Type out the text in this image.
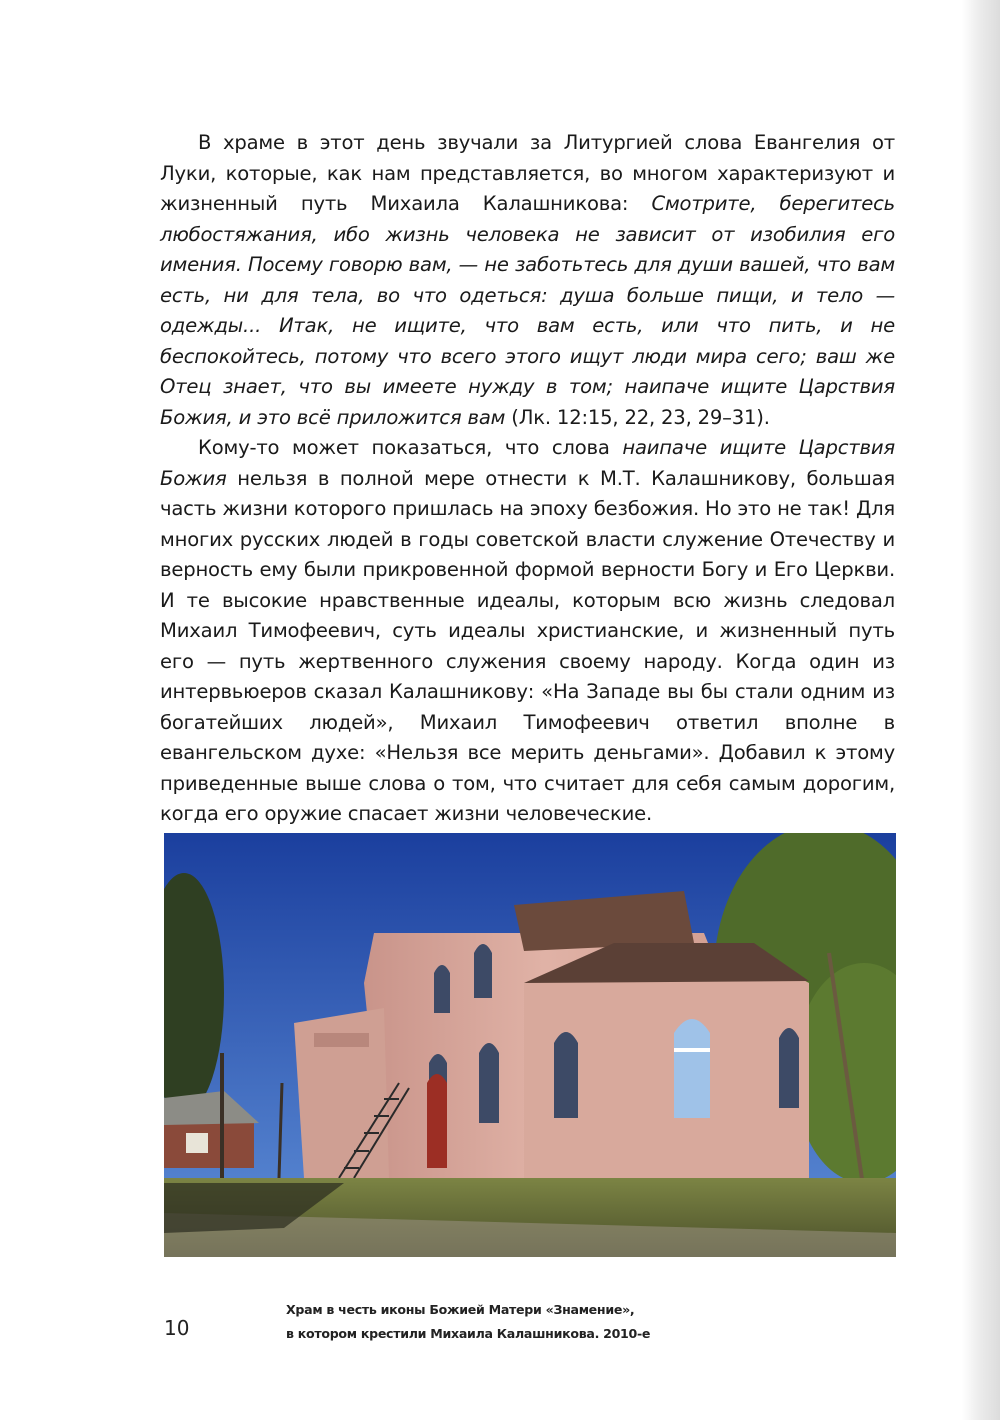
В храме в этот день звучали за Литургией слова Евангелия от Луки, которые, как нам представляется, во многом характеризуют и жизненный путь Михаила Калашникова: Смотрите, берегитесь любостяжания, ибо жизнь человека не зависит от изобилия его имения. Посему говорю вам, — не заботьтесь для души вашей, что вам есть, ни для тела, во что одеться: душа больше пищи, и тело — одежды... Итак, не ищите, что вам есть, или что пить, и не беспокойтесь, потому что всего этого ищут люди мира сего; ваш же Отец знает, что вы имеете нужду в том; наипаче ищите Царствия Божия, и это всё приложится вам (Лк. 12:15, 22, 23, 29–31).

Кому-то может показаться, что слова наипаче ищите Царствия Божия нельзя в полной мере отнести к М.Т. Калашникову, большая часть жизни которого пришлась на эпоху безбожия. Но это не так! Для многих русских людей в годы советской власти служение Отечеству и верность ему были прикровенной формой верности Богу и Его Церкви. И те высокие нравственные идеалы, которым всю жизнь следовал Михаил Тимофеевич, суть идеалы христианские, и жизненный путь его — путь жертвенного служения своему народу. Когда один из интервьюеров сказал Калашникову: «На Западе вы бы стали одним из богатейших людей», Михаил Тимофеевич ответил вполне в евангельском духе: «Нельзя все мерить деньгами». Добавил к этому приведенные выше слова о том, что считает для себя самым дорогим, когда его оружие спасает жизни человеческие.

10
Храм в честь иконы Божией Матери «Знамение»,
в котором крестили Михаила Калашникова. 2010-е
